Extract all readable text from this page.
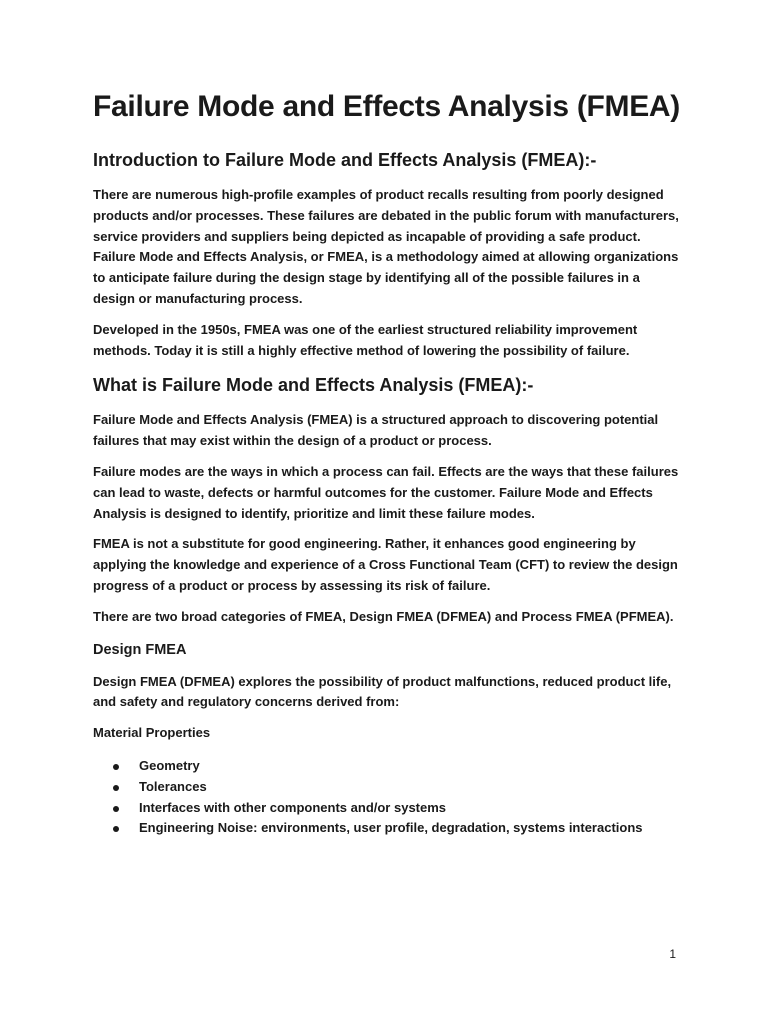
Failure Mode and Effects Analysis (FMEA)
Introduction to Failure Mode and Effects Analysis (FMEA):-

There are numerous high-profile examples of product recalls resulting from poorly designed products and/or processes. These failures are debated in the public forum with manufacturers, service providers and suppliers being depicted as incapable of providing a safe product. Failure Mode and Effects Analysis, or FMEA, is a methodology aimed at allowing organizations to anticipate failure during the design stage by identifying all of the possible failures in a design or manufacturing process.

Developed in the 1950s, FMEA was one of the earliest structured reliability improvement methods. Today it is still a highly effective method of lowering the possibility of failure.

What is Failure Mode and Effects Analysis (FMEA):-

Failure Mode and Effects Analysis (FMEA) is a structured approach to discovering potential failures that may exist within the design of a product or process.

Failure modes are the ways in which a process can fail. Effects are the ways that these failures can lead to waste, defects or harmful outcomes for the customer. Failure Mode and Effects Analysis is designed to identify, prioritize and limit these failure modes.

FMEA is not a substitute for good engineering. Rather, it enhances good engineering by applying the knowledge and experience of a Cross Functional Team (CFT) to review the design progress of a product or process by assessing its risk of failure.

There are two broad categories of FMEA, Design FMEA (DFMEA) and Process FMEA (PFMEA).

Design FMEA

Design FMEA (DFMEA) explores the possibility of product malfunctions, reduced product life, and safety and regulatory concerns derived from:

Material Properties

Geometry
Tolerances
Interfaces with other components and/or systems
Engineering Noise: environments, user profile, degradation, systems interactions
1
